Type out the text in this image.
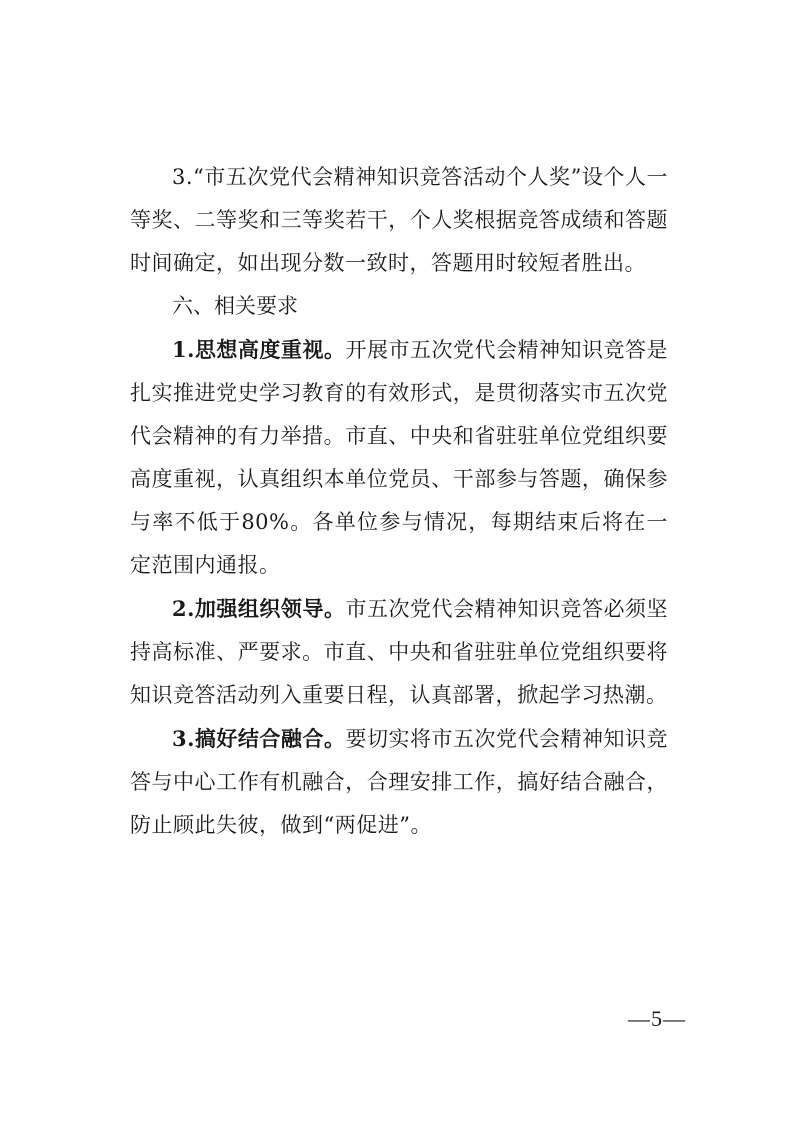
3.“市五次党代会精神知识竞答活动个人奖”设个人一等奖、二等奖和三等奖若干，个人奖根据竞答成绩和答题时间确定，如出现分数一致时，答题用时较短者胜出。

六、相关要求

1.思想高度重视。开展市五次党代会精神知识竞答是扎实推进党史学习教育的有效形式，是贯彻落实市五次党代会精神的有力举措。市直、中央和省驻驻单位党组织要高度重视，认真组织本单位党员、干部参与答题，确保参与率不低于80%。各单位参与情况，每期结束后将在一定范围内通报。

2.加强组织领导。市五次党代会精神知识竞答必须坚持高标准、严要求。市直、中央和省驻驻单位党组织要将知识竞答活动列入重要日程，认真部署，掀起学习热潮。

3.搞好结合融合。要切实将市五次党代会精神知识竞答与中心工作有机融合，合理安排工作，搞好结合融合，防止顾此失彼，做到“两促进”。

—5—
